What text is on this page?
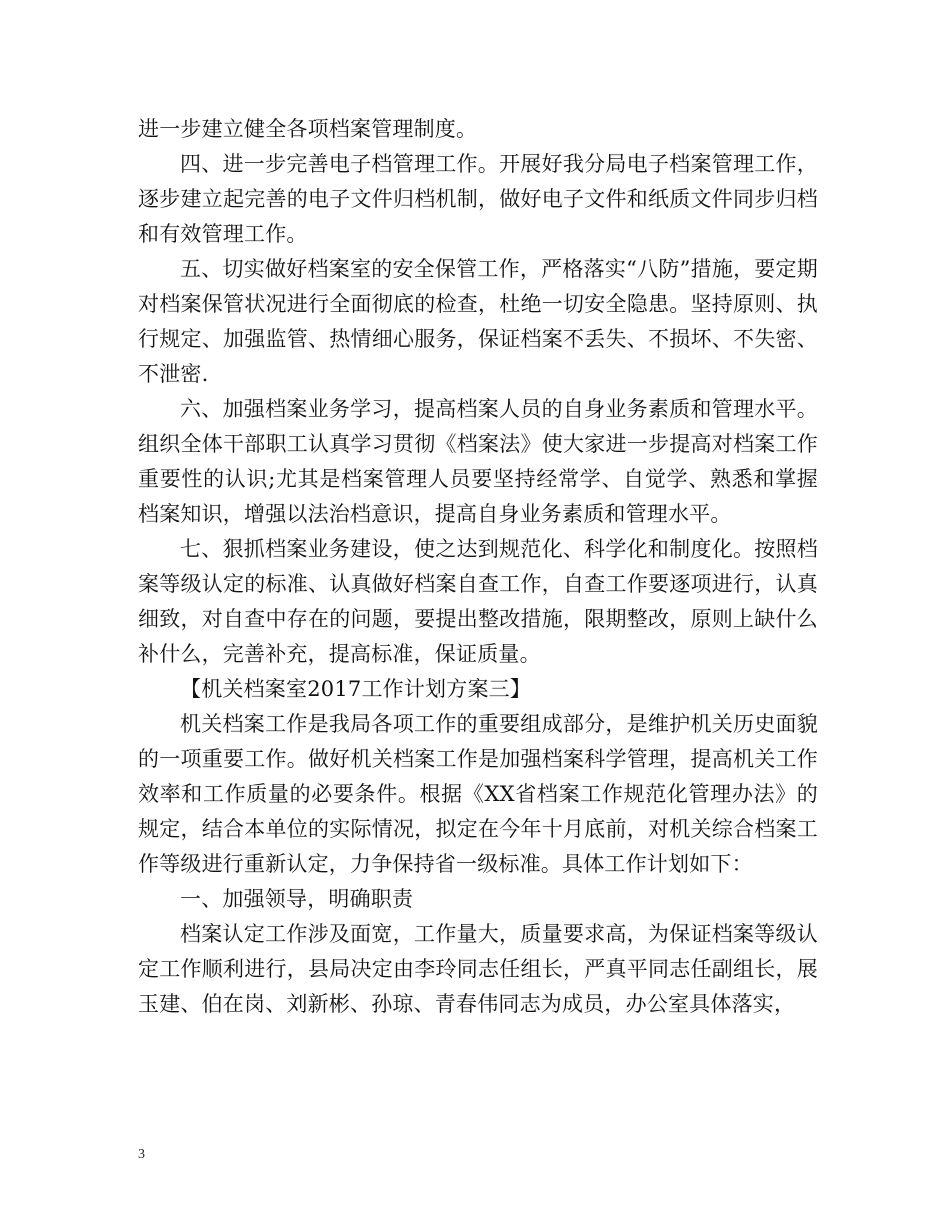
进一步建立健全各项档案管理制度。

四、进一步完善电子档管理工作。开展好我分局电子档案管理工作，逐步建立起完善的电子文件归档机制，做好电子文件和纸质文件同步归档和有效管理工作。

五、切实做好档案室的安全保管工作，严格落实“八防”措施，要定期对档案保管状况进行全面彻底的检查，杜绝一切安全隐患。坚持原则、执行规定、加强监管、热情细心服务，保证档案不丢失、不损坏、不失密、不泄密.

六、加强档案业务学习，提高档案人员的自身业务素质和管理水平。组织全体干部职工认真学习贯彻《档案法》使大家进一步提高对档案工作重要性的认识;尤其是档案管理人员要坚持经常学、自觉学、熟悉和掌握档案知识，增强以法治档意识，提高自身业务素质和管理水平。

七、狠抓档案业务建设，使之达到规范化、科学化和制度化。按照档案等级认定的标准、认真做好档案自查工作，自查工作要逐项进行，认真细致，对自查中存在的问题，要提出整改措施，限期整改，原则上缺什么补什么，完善补充，提高标准，保证质量。

【机关档案室2017工作计划方案三】

机关档案工作是我局各项工作的重要组成部分，是维护机关历史面貌的一项重要工作。做好机关档案工作是加强档案科学管理，提高机关工作效率和工作质量的必要条件。根据《XX省档案工作规范化管理办法》的规定，结合本单位的实际情况，拟定在今年十月底前，对机关综合档案工作等级进行重新认定，力争保持省一级标准。具体工作计划如下：

一、加强领导，明确职责

档案认定工作涉及面宽，工作量大，质量要求高，为保证档案等级认定工作顺利进行，县局决定由李玲同志任组长，严真平同志任副组长，展玉建、伯在岗、刘新彬、孙琼、青春伟同志为成员，办公室具体落实，

3
